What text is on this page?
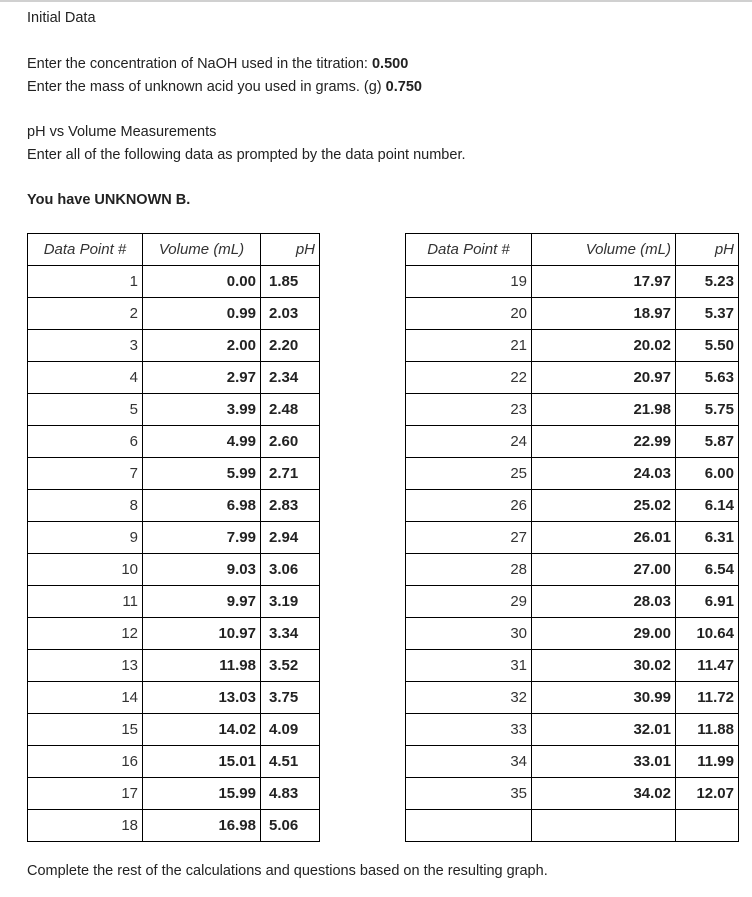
Initial Data
Enter the concentration of NaOH used in the titration: 0.500
Enter the mass of unknown acid you used in grams. (g) 0.750
pH vs Volume Measurements
Enter all of the following data as prompted by the data point number.
You have UNKNOWN B.
Data Point #	Volume (mL)	pH
1	0.00	1.85
2	0.99	2.03
3	2.00	2.20
4	2.97	2.34
5	3.99	2.48
6	4.99	2.60
7	5.99	2.71
8	6.98	2.83
9	7.99	2.94
10	9.03	3.06
11	9.97	3.19
12	10.97	3.34
13	11.98	3.52
14	13.03	3.75
15	14.02	4.09
16	15.01	4.51
17	15.99	4.83
18	16.98	5.06
Data Point #	Volume (mL)	pH
19	17.97	5.23
20	18.97	5.37
21	20.02	5.50
22	20.97	5.63
23	21.98	5.75
24	22.99	5.87
25	24.03	6.00
26	25.02	6.14
27	26.01	6.31
28	27.00	6.54
29	28.03	6.91
30	29.00	10.64
31	30.02	11.47
32	30.99	11.72
33	32.01	11.88
34	33.01	11.99
35	34.02	12.07

Complete the rest of the calculations and questions based on the resulting graph.
